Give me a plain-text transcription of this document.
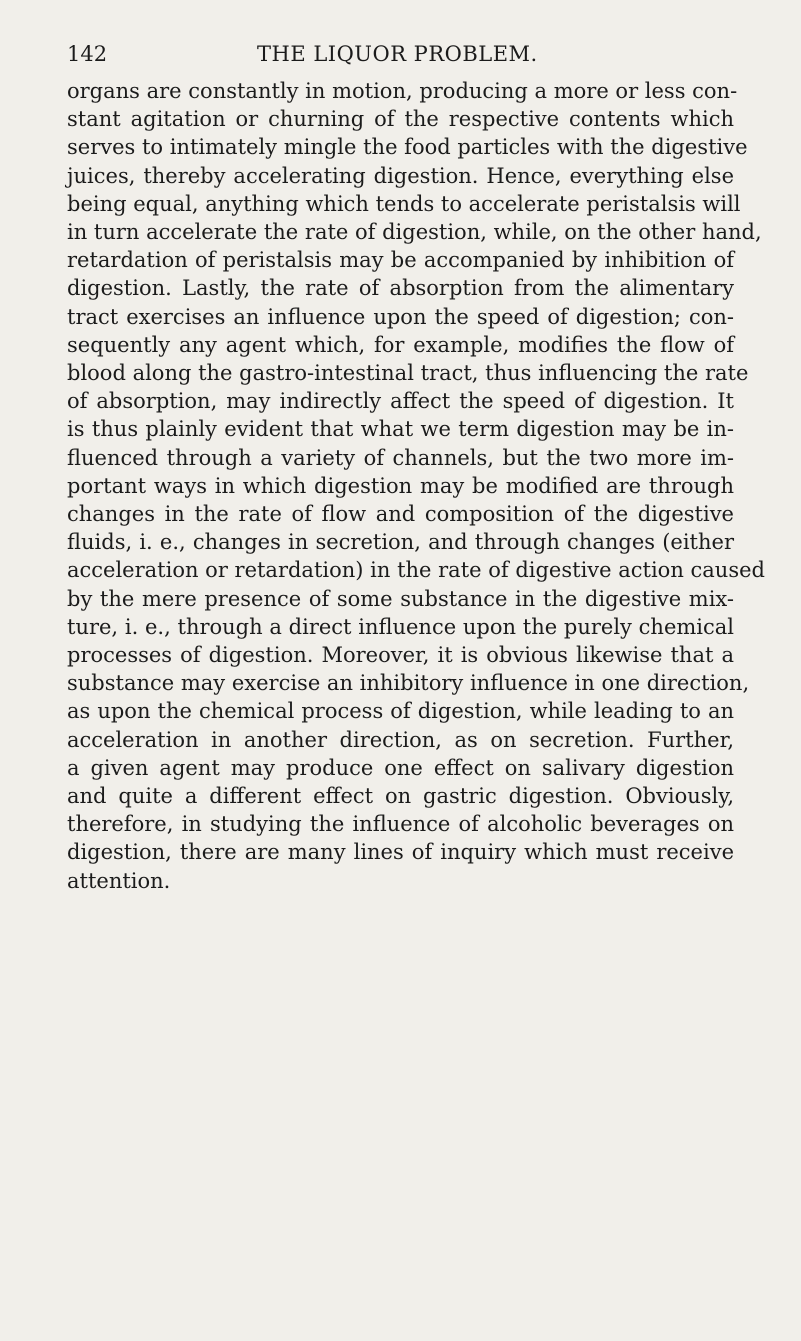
142	THE LIQUOR PROBLEM.
organs are constantly in motion, producing a more or less con-
stant agitation or churning of the respective contents which
serves to intimately mingle the food particles with the digestive
juices, thereby accelerating digestion. Hence, everything else
being equal, anything which tends to accelerate peristalsis will
in turn accelerate the rate of digestion, while, on the other hand,
retardation of peristalsis may be accompanied by inhibition of
digestion. Lastly, the rate of absorption from the alimentary
tract exercises an influence upon the speed of digestion; con-
sequently any agent which, for example, modifies the flow of
blood along the gastro-intestinal tract, thus influencing the rate
of absorption, may indirectly affect the speed of digestion. It
is thus plainly evident that what we term digestion may be in-
fluenced through a variety of channels, but the two more im-
portant ways in which digestion may be modified are through
changes in the rate of flow and composition of the digestive
fluids, i. e., changes in secretion, and through changes (either
acceleration or retardation) in the rate of digestive action caused
by the mere presence of some substance in the digestive mix-
ture, i. e., through a direct influence upon the purely chemical
processes of digestion. Moreover, it is obvious likewise that a
substance may exercise an inhibitory influence in one direction,
as upon the chemical process of digestion, while leading to an
acceleration in another direction, as on secretion. Further,
a given agent may produce one effect on salivary digestion
and quite a different effect on gastric digestion. Obviously,
therefore, in studying the influence of alcoholic beverages on
digestion, there are many lines of inquiry which must receive
attention.
